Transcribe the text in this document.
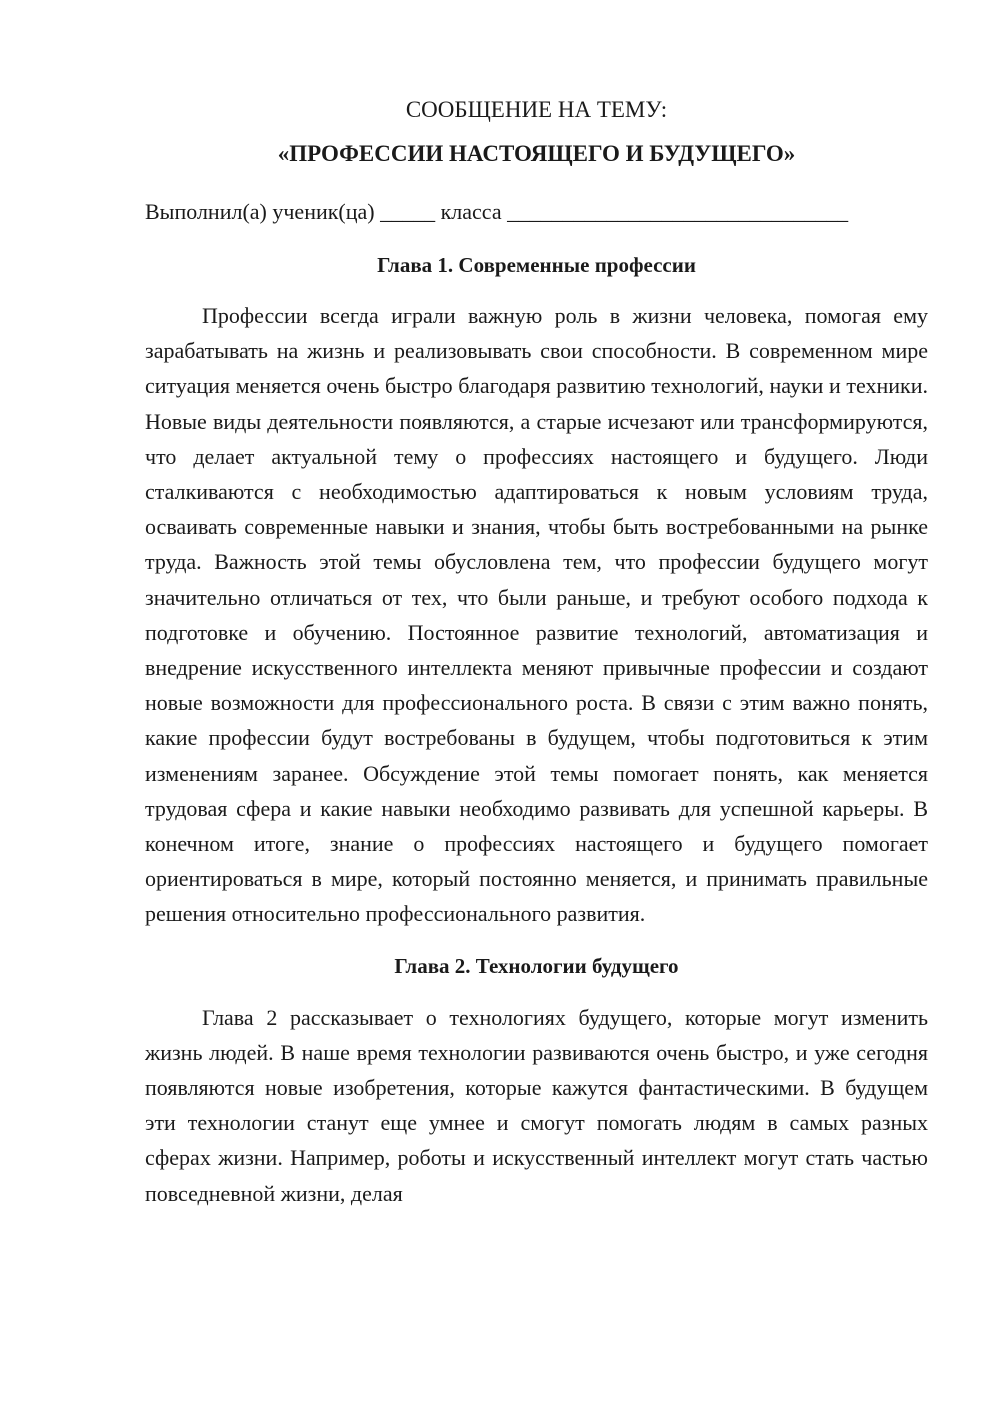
СООБЩЕНИЕ НА ТЕМУ:
«ПРОФЕССИИ НАСТОЯЩЕГО И БУДУЩЕГО»
Выполнил(а) ученик(ца) _____ класса _______________________________
Глава 1. Современные профессии

Профессии всегда играли важную роль в жизни человека, помогая ему зарабатывать на жизнь и реализовывать свои способности. В современном мире ситуация меняется очень быстро благодаря развитию технологий, науки и техники. Новые виды деятельности появляются, а старые исчезают или трансформируются, что делает актуальной тему о профессиях настоящего и будущего. Люди сталкиваются с необходимостью адаптироваться к новым условиям труда, осваивать современные навыки и знания, чтобы быть востребованными на рынке труда. Важность этой темы обусловлена тем, что профессии будущего могут значительно отличаться от тех, что были раньше, и требуют особого подхода к подготовке и обучению. Постоянное развитие технологий, автоматизация и внедрение искусственного интеллекта меняют привычные профессии и создают новые возможности для профессионального роста. В связи с этим важно понять, какие профессии будут востребованы в будущем, чтобы подготовиться к этим изменениям заранее. Обсуждение этой темы помогает понять, как меняется трудовая сфера и какие навыки необходимо развивать для успешной карьеры. В конечном итоге, знание о профессиях настоящего и будущего помогает ориентироваться в мире, который постоянно меняется, и принимать правильные решения относительно профессионального развития.

Глава 2. Технологии будущего

Глава 2 рассказывает о технологиях будущего, которые могут изменить жизнь людей. В наше время технологии развиваются очень быстро, и уже сегодня появляются новые изобретения, которые кажутся фантастическими. В будущем эти технологии станут еще умнее и смогут помогать людям в самых разных сферах жизни. Например, роботы и искусственный интеллект могут стать частью повседневной жизни, делая
